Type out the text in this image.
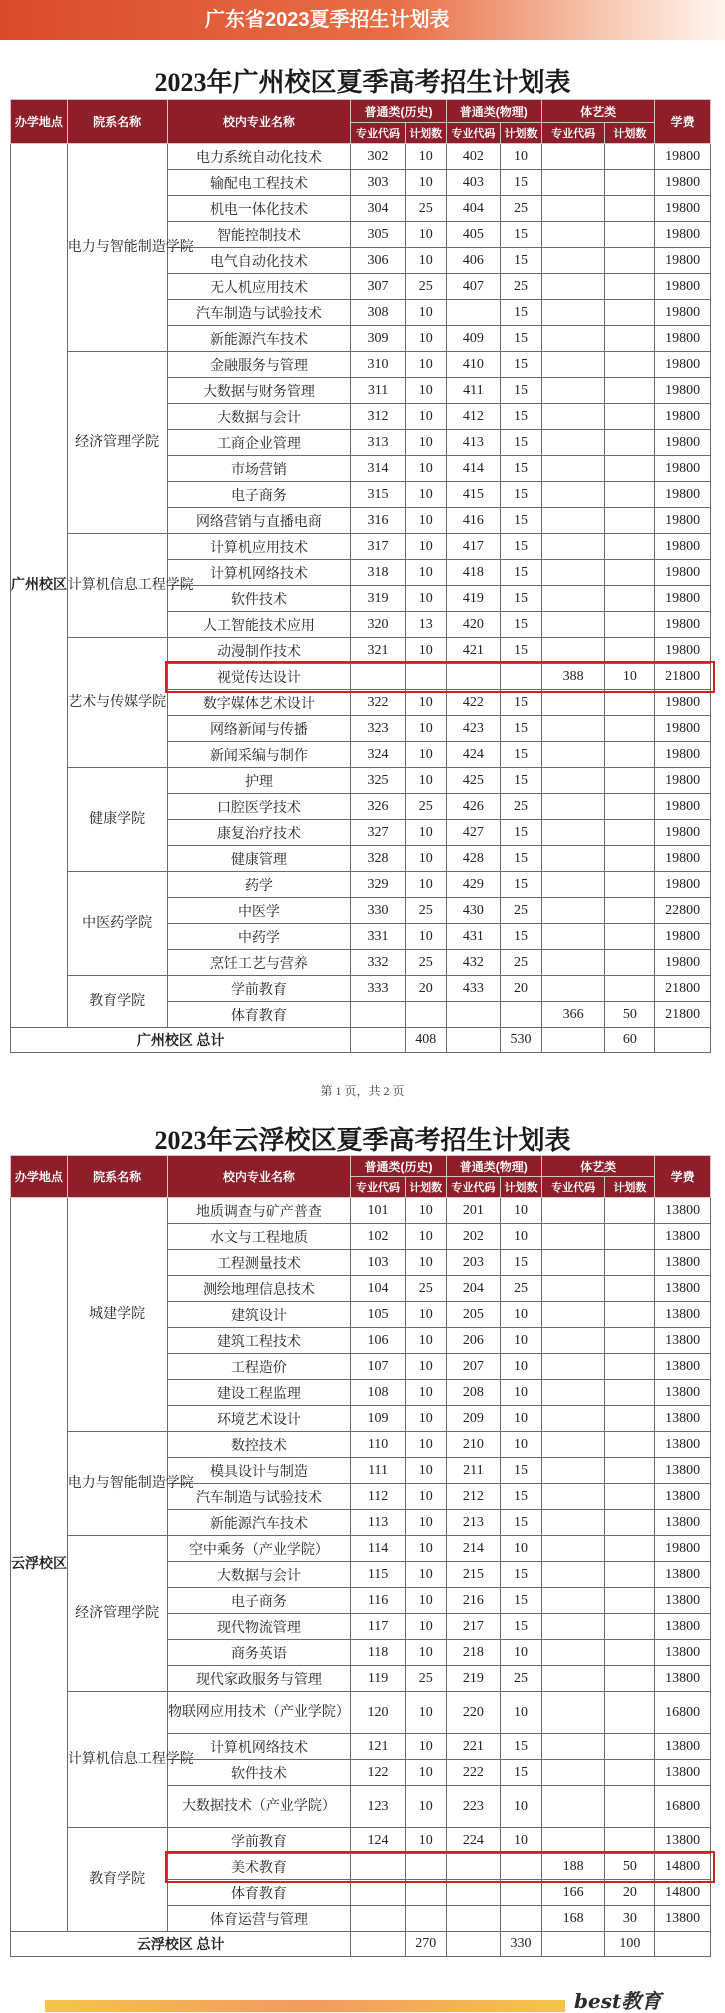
广东省2023夏季招生计划表
2023年广州校区夏季高考招生计划表
办学地点	院系名称	校内专业名称	普通类(历史)		普通类(物理)		体艺类		学费
			专业代码	计划数	专业代码	计划数	专业代码	计划数	
广州校区	电力与智能制造学院	电力系统自动化技术	302	10	402	10			19800
		输配电工程技术	303	10	403	15			19800
		机电一体化技术	304	25	404	25			19800
		智能控制技术	305	10	405	15			19800
		电气自动化技术	306	10	406	15			19800
		无人机应用技术	307	25	407	25			19800
		汽车制造与试验技术	308	10		15			19800
		新能源汽车技术	309	10	409	15			19800
	经济管理学院	金融服务与管理	310	10	410	15			19800
		大数据与财务管理	311	10	411	15			19800
		大数据与会计	312	10	412	15			19800
		工商企业管理	313	10	413	15			19800
		市场营销	314	10	414	15			19800
		电子商务	315	10	415	15			19800
		网络营销与直播电商	316	10	416	15			19800
	计算机信息工程学院	计算机应用技术	317	10	417	15			19800
		计算机网络技术	318	10	418	15			19800
		软件技术	319	10	419	15			19800
		人工智能技术应用	320	13	420	15			19800
	艺术与传媒学院	动漫制作技术	321	10	421	15			19800
		视觉传达设计					388	10	21800
		数字媒体艺术设计	322	10	422	15			19800
		网络新闻与传播	323	10	423	15			19800
		新闻采编与制作	324	10	424	15			19800
	健康学院	护理	325	10	425	15			19800
		口腔医学技术	326	25	426	25			19800
		康复治疗技术	327	10	427	15			19800
		健康管理	328	10	428	15			19800
	中医药学院	药学	329	10	429	15			19800
		中医学	330	25	430	25			22800
		中药学	331	10	431	15			19800
		烹饪工艺与营养	332	25	432	25			19800
	教育学院	学前教育	333	20	433	20			21800
		体育教育					366	50	21800
广州校区 总计				408		530		60	
第 1 页，共 2 页
2023年云浮校区夏季高考招生计划表
办学地点	院系名称	校内专业名称	普通类(历史)		普通类(物理)		体艺类		学费
			专业代码	计划数	专业代码	计划数	专业代码	计划数	
云浮校区	城建学院	地质调查与矿产普查	101	10	201	10			13800
		水文与工程地质	102	10	202	10			13800
		工程测量技术	103	10	203	15			13800
		测绘地理信息技术	104	25	204	25			13800
		建筑设计	105	10	205	10			13800
		建筑工程技术	106	10	206	10			13800
		工程造价	107	10	207	10			13800
		建设工程监理	108	10	208	10			13800
		环境艺术设计	109	10	209	10			13800
	电力与智能制造学院	数控技术	110	10	210	10			13800
		模具设计与制造	111	10	211	15			13800
		汽车制造与试验技术	112	10	212	15			13800
		新能源汽车技术	113	10	213	15			13800
	经济管理学院	空中乘务（产业学院）	114	10	214	10			19800
		大数据与会计	115	10	215	15			13800
		电子商务	116	10	216	15			13800
		现代物流管理	117	10	217	15			13800
		商务英语	118	10	218	10			13800
		现代家政服务与管理	119	25	219	25			13800
	计算机信息工程学院	物联网应用技术（产业学院）	120	10	220	10			16800
		计算机网络技术	121	10	221	15			13800
		软件技术	122	10	222	15			13800
		大数据技术（产业学院）	123	10	223	10			16800
	教育学院	学前教育	124	10	224	10			13800
		美术教育					188	50	14800
		体育教育					166	20	14800
		体育运营与管理					168	30	13800
云浮校区 总计				270		330		100	
best教育
